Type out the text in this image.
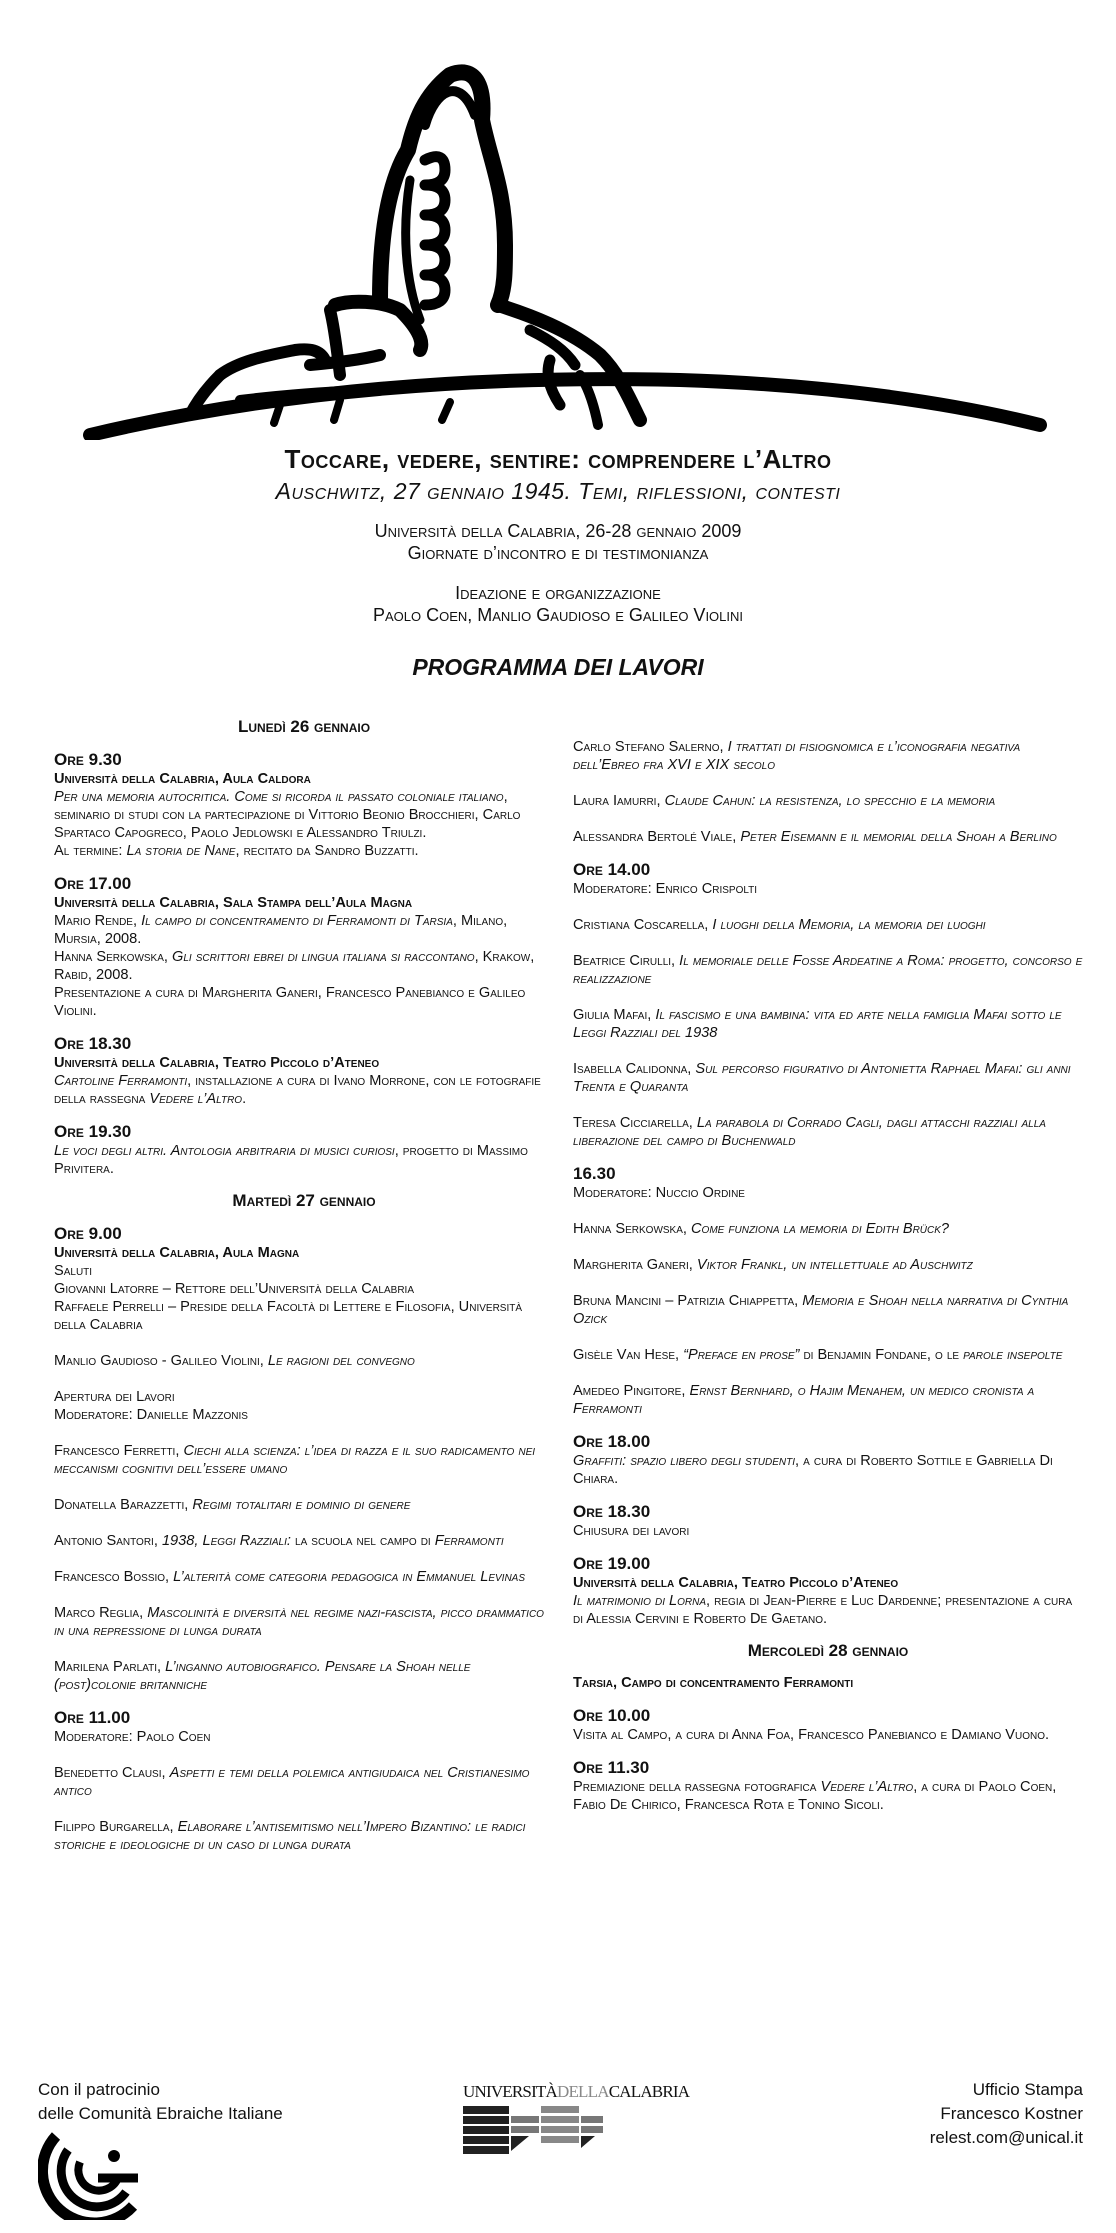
Toccare, vedere, sentire: comprendere l’Altro
Auschwitz, 27 gennaio 1945. Temi, riflessioni, contesti
Università della Calabria, 26-28 gennaio 2009
Giornate d’incontro e di testimonianza
Ideazione e organizzazione
Paolo Coen, Manlio Gaudioso e Galileo Violini
PROGRAMMA DEI LAVORI
Lunedì 26 gennaio
Ore 9.30
Università della Calabria, Aula Caldora
Per una memoria autocritica. Come si ricorda il passato coloniale italiano, seminario di studi con la partecipazione di Vittorio Beonio Brocchieri, Carlo Spartaco Capogreco, Paolo Jedlowski e Alessandro Triulzi.
Al termine: La storia de Nane, recitato da Sandro Buzzatti.
Ore 17.00
Università della Calabria, Sala Stampa dell’Aula Magna
Mario Rende, Il campo di concentramento di Ferramonti di Tarsia, Milano, Mursia, 2008.
Hanna Serkowska, Gli scrittori ebrei di lingua italiana si raccontano, Krakow, Rabid, 2008.
Presentazione a cura di Margherita Ganeri, Francesco Panebianco e Galileo Violini.
Ore 18.30
Università della Calabria, Teatro Piccolo d’Ateneo
Cartoline Ferramonti, installazione a cura di Ivano Morrone, con le fotografie della rassegna Vedere l’Altro.
Ore 19.30
Le voci degli altri. Antologia arbitraria di musici curiosi, progetto di Massimo Privitera.
Martedì 27 gennaio
Ore 9.00
Università della Calabria, Aula Magna
Saluti
Giovanni Latorre – Rettore dell’Università della Calabria
Raffaele Perrelli – Preside della Facoltà di Lettere e Filosofia, Università della Calabria
Manlio Gaudioso - Galileo Violini, Le ragioni del convegno
Apertura dei Lavori
Moderatore: Danielle Mazzonis
Francesco Ferretti, Ciechi alla scienza: l’idea di razza e il suo radicamento nei meccanismi cognitivi dell’essere umano
Donatella Barazzetti, Regimi totalitari e dominio di genere
Antonio Santori, 1938, Leggi Razziali: la scuola nel campo di Ferramonti
Francesco Bossio, L’alterità come categoria pedagogica in Emmanuel Levinas
Marco Reglia, Mascolinità e diversità nel regime nazi-fascista, picco drammatico in una repressione di lunga durata
Marilena Parlati, L’inganno autobiografico. Pensare la Shoah nelle (post)colonie britanniche
Ore 11.00
Moderatore: Paolo Coen
Benedetto Clausi, Aspetti e temi della polemica antigiudaica nel Cristianesimo antico
Filippo Burgarella, Elaborare l’antisemitismo nell’Impero Bizantino: le radici storiche e ideologiche di un caso di lunga durata
Carlo Stefano Salerno, I trattati di fisiognomica e l’iconografia negativa dell’Ebreo fra XVI e XIX secolo
Laura Iamurri, Claude Cahun: la resistenza, lo specchio e la memoria
Alessandra Bertolé Viale, Peter Eisemann e il memorial della Shoah a Berlino
Ore 14.00
Moderatore: Enrico Crispolti
Cristiana Coscarella, I luoghi della Memoria, la memoria dei luoghi
Beatrice Cirulli, Il memoriale delle Fosse Ardeatine a Roma: progetto, concorso e realizzazione
Giulia Mafai, Il fascismo e una bambina: vita ed arte nella famiglia Mafai sotto le Leggi Razziali del 1938
Isabella Calidonna, Sul percorso figurativo di Antonietta Raphael Mafai: gli anni Trenta e Quaranta
Teresa Cicciarella, La parabola di Corrado Cagli, dagli attacchi razziali alla liberazione del campo di Buchenwald
16.30
Moderatore: Nuccio Ordine
Hanna Serkowska, Come funziona la memoria di Edith Brück?
Margherita Ganeri, Viktor Frankl, un intellettuale ad Auschwitz
Bruna Mancini – Patrizia Chiappetta, Memoria e Shoah nella narrativa di Cynthia Ozick
Gisèle Van Hese, “Preface en prose” di Benjamin Fondane, o le parole insepolte
Amedeo Pingitore, Ernst Bernhard, o Hajim Menahem, un medico cronista a Ferramonti
Ore 18.00
Graffiti: spazio libero degli studenti, a cura di Roberto Sottile e Gabriella Di Chiara.
Ore 18.30
Chiusura dei lavori
Ore 19.00
Università della Calabria, Teatro Piccolo d’Ateneo
Il matrimonio di Lorna, regia di Jean-Pierre e Luc Dardenne; presentazione a cura di Alessia Cervini e Roberto De Gaetano.
Mercoledì 28 gennaio
Tarsia, Campo di concentramento Ferramonti
Ore 10.00
Visita al Campo, a cura di Anna Foa, Francesco Panebianco e Damiano Vuono.
Ore 11.30
Premiazione della rassegna fotografica Vedere l’Altro, a cura di Paolo Coen, Fabio De Chirico, Francesca Rota e Tonino Sicoli.
Con il patrocinio
delle Comunità Ebraiche Italiane
UNIVERSITÀDELLACALABRIA	Ufficio Stampa
Francesco Kostner
relest.com@unical.it
